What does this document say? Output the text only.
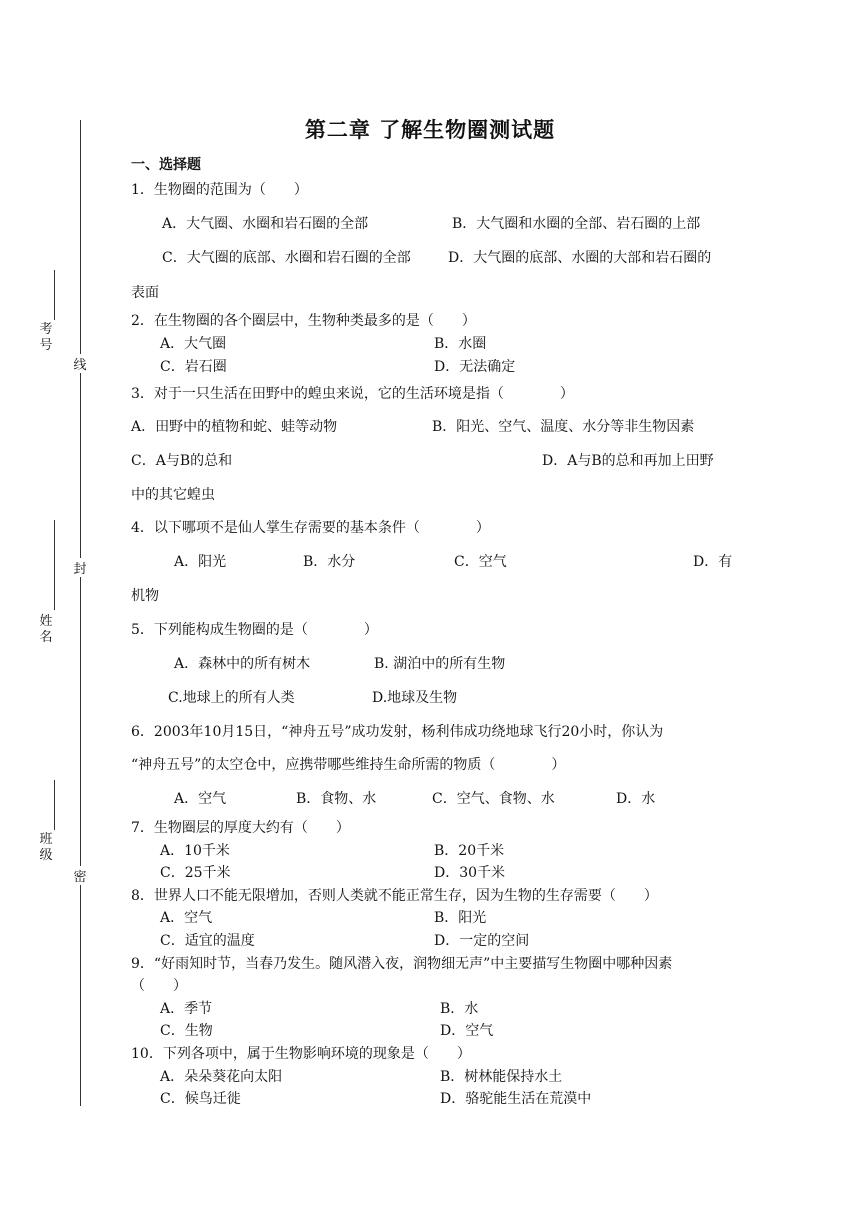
线
封
密
考号
姓名
班级
第二章 了解生物圈测试题
一、选择题
1．生物圈的范围为（　　）
A．大气圈、水圈和岩石圈的全部	B．大气圈和水圈的全部、岩石圈的上部
C．大气圈的底部、水圈和岩石圈的全部	D．大气圈的底部、水圈的大部和岩石圈的
表面
2．在生物圈的各个圈层中，生物种类最多的是（　　）
A．大气圈	B．水圈
C．岩石圈	D．无法确定
3．对于一只生活在田野中的蝗虫来说，它的生活环境是指（　　　　）
A．田野中的植物和蛇、蛙等动物	B．阳光、空气、温度、水分等非生物因素
C．A与B的总和	D．A与B的总和再加上田野
中的其它蝗虫
4．以下哪项不是仙人掌生存需要的基本条件（　　　　）
A．阳光	B．水分	C．空气	D．有
机物
5．下列能构成生物圈的是（　　　　）
A．森林中的所有树木	B. 湖泊中的所有生物
C.地球上的所有人类	D.地球及生物
6．2003年10月15日，“神舟五号”成功发射，杨利伟成功绕地球飞行20小时，你认为
“神舟五号”的太空仓中，应携带哪些维持生命所需的物质（　　　　）
A．空气	B．食物、水	C．空气、食物、水	D．水
7．生物圈层的厚度大约有（　　）
A．10千米	B．20千米
C．25千米	D．30千米
8．世界人口不能无限增加，否则人类就不能正常生存，因为生物的生存需要（　　）
A．空气	B．阳光
C．适宜的温度	D．一定的空间
9．“好雨知时节，当春乃发生。随风潜入夜，润物细无声”中主要描写生物圈中哪种因素
（　　）
A．季节	B．水
C．生物	D．空气
10．下列各项中，属于生物影响环境的现象是（　　）
A．朵朵葵花向太阳	B．树林能保持水土
C．候鸟迁徙	D．骆驼能生活在荒漠中
